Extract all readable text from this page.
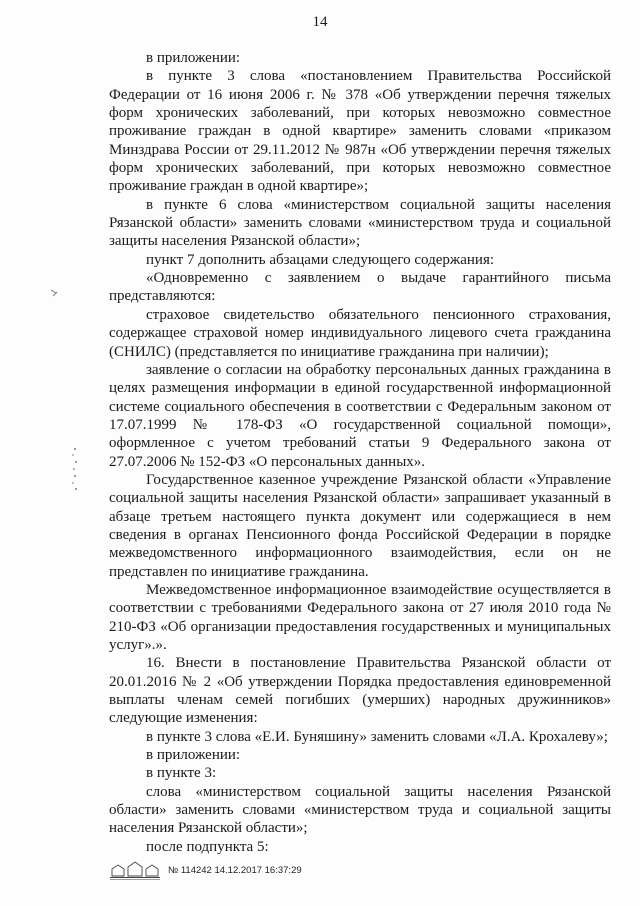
14

в приложении:

в пункте 3 слова «постановлением Правительства Российской Федерации от 16 июня 2006 г. № 378 «Об утверждении перечня тяжелых форм хронических заболеваний, при которых невозможно совместное проживание граждан в одной квартире» заменить словами «приказом Минздрава России от 29.11.2012 № 987н «Об утверждении перечня тяжелых форм хронических заболеваний, при которых невозможно совместное проживание граждан в одной квартире»;

в пункте 6 слова «министерством социальной защиты населения Рязанской области» заменить словами «министерством труда и социальной защиты населения Рязанской области»;

пункт 7 дополнить абзацами следующего содержания:

«Одновременно с заявлением о выдаче гарантийного письма представляются:

страховое свидетельство обязательного пенсионного страхования, содержащее страховой номер индивидуального лицевого счета гражданина (СНИЛС) (представляется по инициативе гражданина при наличии);

заявление о согласии на обработку персональных данных гражданина в целях размещения информации в единой государственной информационной системе социального обеспечения в соответствии с Федеральным законом от 17.07.1999 № 178-ФЗ «О государственной социальной помощи», оформленное с учетом требований статьи 9 Федерального закона от 27.07.2006 № 152-ФЗ «О персональных данных».

Государственное казенное учреждение Рязанской области «Управление социальной защиты населения Рязанской области» запрашивает указанный в абзаце третьем настоящего пункта документ или содержащиеся в нем сведения в органах Пенсионного фонда Российской Федерации в порядке межведомственного информационного взаимодействия, если он не представлен по инициативе гражданина.

Межведомственное информационное взаимодействие осуществляется в соответствии с требованиями Федерального закона от 27 июля 2010 года № 210-ФЗ «Об организации предоставления государственных и муниципальных услуг».».

16. Внести в постановление Правительства Рязанской области от 20.01.2016 № 2 «Об утверждении Порядка предоставления единовременной выплаты членам семей погибших (умерших) народных дружинников» следующие изменения:

в пункте 3 слова «Е.И. Буняшину» заменить словами «Л.А. Крохалеву»;

в приложении:

в пункте 3:

слова «министерством социальной защиты населения Рязанской области» заменить словами «министерством труда и социальной защиты населения Рязанской области»;

после подпункта 5:

№ 114242 14.12.2017 16:37:29
